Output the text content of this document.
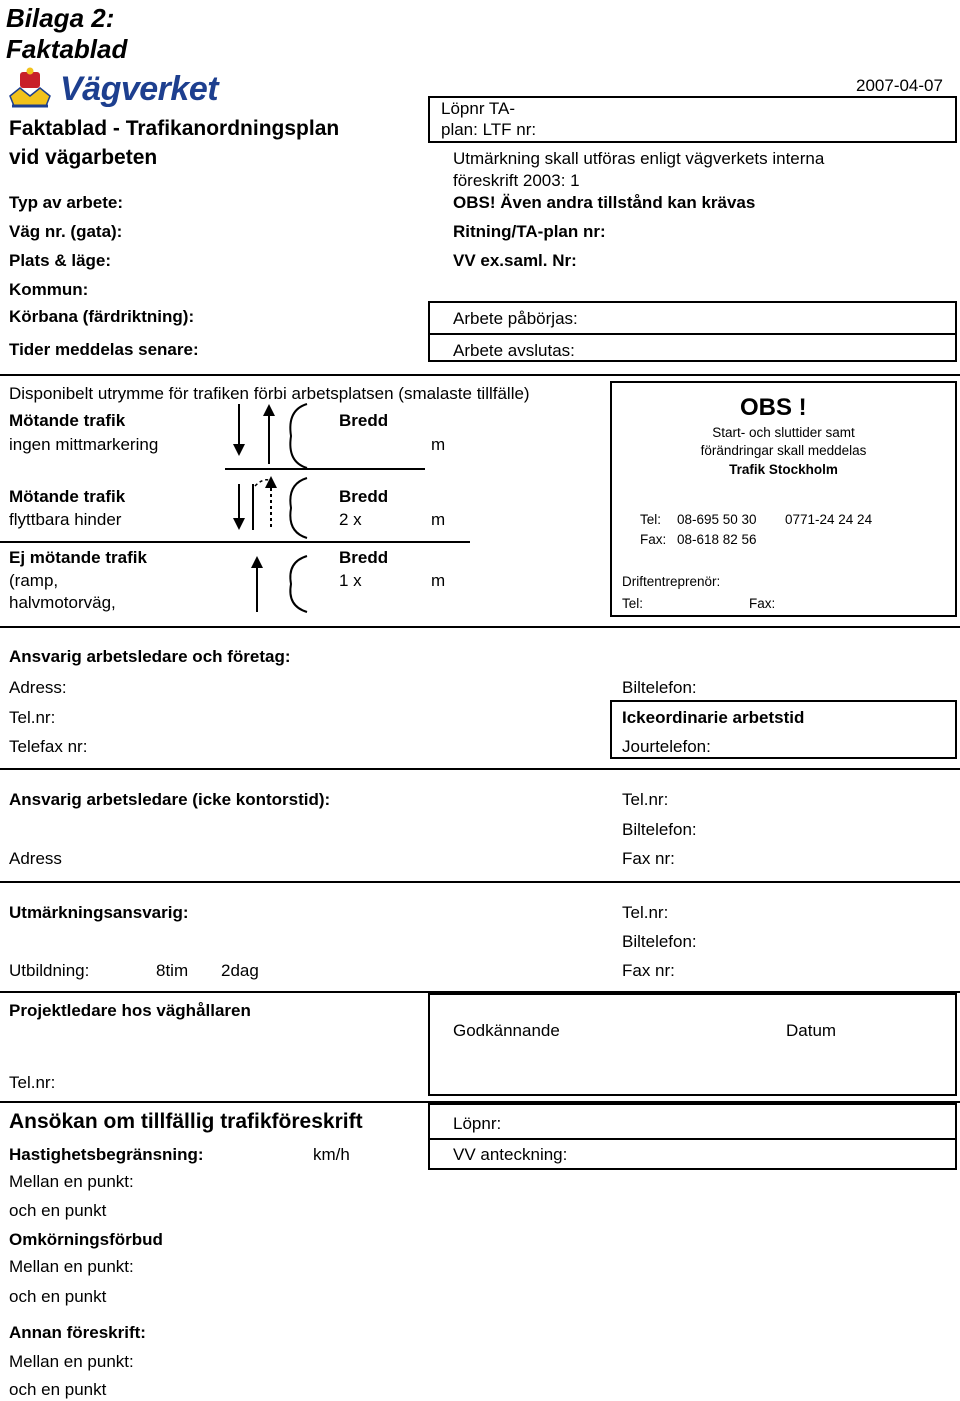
Bilaga 2:
Faktablad
Vägverket	2007-04-07
Faktablad - Trafikanordningsplan
vid vägarbeten
Typ av arbete:
Väg nr. (gata):
Plats & läge:
Kommun:
Körbana (färdriktning):
Tider meddelas senare:
Löpnr TA-
plan: LTF nr:
Utmärkning skall utföras enligt vägverkets interna
föreskrift 2003: 1
OBS! Även andra tillstånd kan krävas
Ritning/TA-plan nr:
VV ex.saml. Nr:
Arbete påbörjas:
Arbete avslutas:
Disponibelt utrymme för trafiken förbi arbetsplatsen (smalaste tillfälle)
Mötande trafik
ingen mittmarkering
Bredd
m
Mötande trafik
flyttbara hinder
Bredd
2 x	m
Ej mötande trafik
(ramp,
halvmotorväg,
Bredd
1 x	m
OBS !
Start- och sluttider samt
förändringar skall meddelas
Trafik Stockholm
Tel: 08-695 50 30 0771-24 24 24
Fax: 08-618 82 56
Driftentreprenör:
Tel:	Fax:
Ansvarig arbetsledare och företag:
Adress:
Tel.nr:
Telefax nr:
Biltelefon:
Ickeordinarie arbetstid
Jourtelefon:
Ansvarig arbetsledare (icke kontorstid):
Adress
Tel.nr:
Biltelefon:
Fax nr:
Utmärkningsansvarig:
Utbildning:	8tim 2dag
Tel.nr:
Biltelefon:
Fax nr:
Projektledare hos väghållaren
Tel.nr:
Godkännande	Datum
Ansökan om tillfällig trafikföreskrift
Hastighetsbegränsning:	km/h
Mellan en punkt:
och en punkt
Omkörningsförbud
Mellan en punkt:
och en punkt
Annan föreskrift:
Mellan en punkt:
och en punkt
Löpnr:
VV anteckning:
